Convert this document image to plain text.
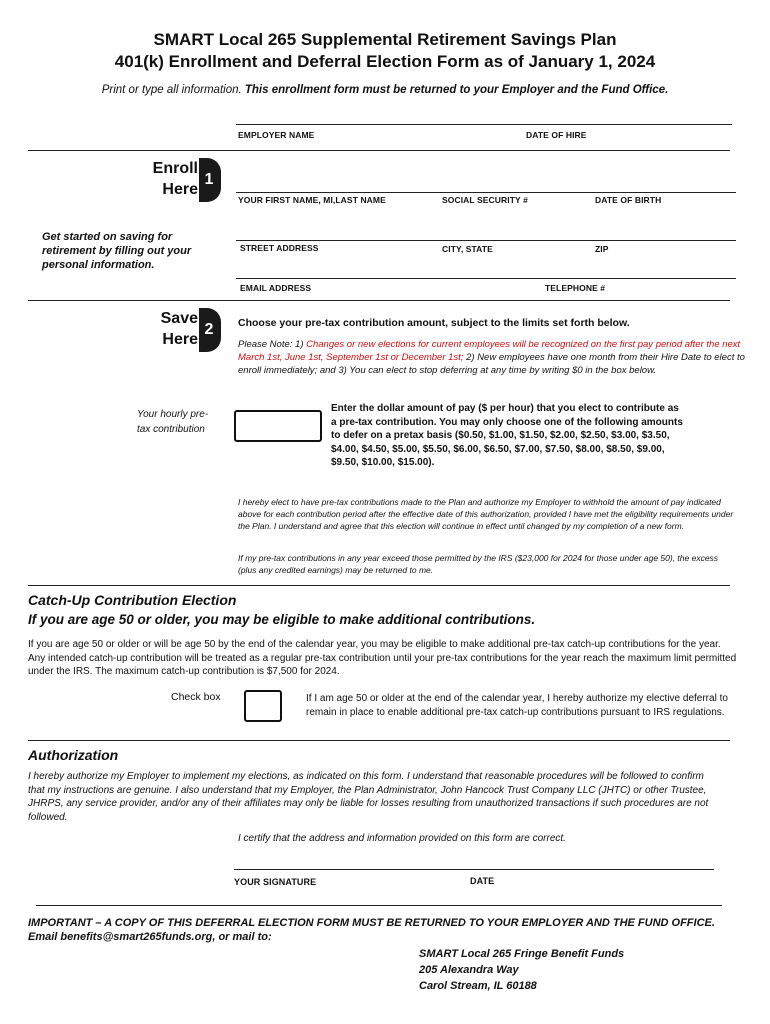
SMART Local 265 Supplemental Retirement Savings Plan
401(k) Enrollment and Deferral Election Form as of January 1, 2024
Print or type all information. This enrollment form must be returned to your Employer and the Fund Office.
EMPLOYER NAME	DATE OF HIRE
Enroll
Here
1
YOUR FIRST NAME, MI,LAST NAME	SOCIAL SECURITY #	DATE OF BIRTH
Get started on saving for retirement by filling out your personal information.
STREET ADDRESS	CITY, STATE	ZIP
EMAIL ADDRESS	TELEPHONE #
Save
Here
2	Choose your pre-tax contribution amount, subject to the limits set forth below.
Please Note: 1) Changes or new elections for current employees will be recognized on the first pay period after the next March 1st, June 1st, September 1st or December 1st; 2) New employees have one month from their Hire Date to elect to enroll immediately; and 3) You can elect to stop deferring at any time by writing $0 in the box below.
Your hourly pre-tax contribution
Enter the dollar amount of pay ($ per hour) that you elect to contribute as a pre-tax contribution. You may only choose one of the following amounts to defer on a pretax basis ($0.50, $1.00, $1.50, $2.00, $2.50, $3.00, $3.50, $4.00, $4.50, $5.00, $5.50, $6.00, $6.50, $7.00, $7.50, $8.00, $8.50, $9.00, $9.50, $10.00, $15.00).
I hereby elect to have pre-tax contributions made to the Plan and authorize my Employer to withhold the amount of pay indicated above for each contribution period after the effective date of this authorization, provided I have met the eligibility requirements under the Plan. I understand and agree that this election will continue in effect until changed by my completion of a new form.
If my pre-tax contributions in any year exceed those permitted by the IRS ($23,000 for 2024 for those under age 50), the excess (plus any credited earnings) may be returned to me.
Catch-Up Contribution Election
If you are age 50 or older, you may be eligible to make additional contributions.
If you are age 50 or older or will be age 50 by the end of the calendar year, you may be eligible to make additional pre-tax catch-up contributions for the year. Any intended catch-up contribution will be treated as a regular pre-tax contribution until your pre-tax contributions for the year reach the maximum limit permitted under the IRS. The maximum catch-up contribution is $7,500 for 2024.
Check box	If I am age 50 or older at the end of the calendar year, I hereby authorize my elective deferral to remain in place to enable additional pre-tax catch-up contributions pursuant to IRS regulations.
Authorization
I hereby authorize my Employer to implement my elections, as indicated on this form. I understand that reasonable procedures will be followed to confirm that my instructions are genuine. I also understand that my Employer, the Plan Administrator, John Hancock Trust Company LLC (JHTC) or other Trustee, JHRPS, any service provider, and/or any of their affiliates may only be liable for losses resulting from unauthorized transactions if such procedures are not followed.
I certify that the address and information provided on this form are correct.
YOUR SIGNATURE	DATE
IMPORTANT – A COPY OF THIS DEFERRAL ELECTION FORM MUST BE RETURNED TO YOUR EMPLOYER AND THE FUND OFFICE. Email benefits@smart265funds.org, or mail to:
SMART Local 265 Fringe Benefit Funds
205 Alexandra Way
Carol Stream, IL 60188
